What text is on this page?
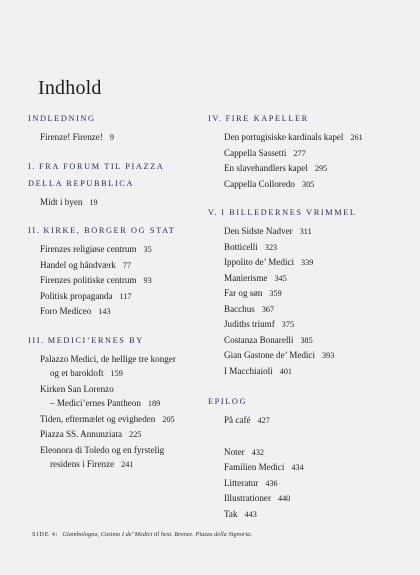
Indhold
INDLEDNING
Firenze! Firenze! 9
I. FRA FORUM TIL PIAZZA
DELLA REPUBBLICA
Midt i byen 19
II. KIRKE, BORGER OG STAT
Firenzes religiøse centrum 35
Handel og håndværk 77
Firenzes politiske centrum 93
Politisk propaganda 117
Foro Mediceo 143
III. MEDICI’ERNES BY
Palazzo Medici, de hellige tre konger
og et barokloft 159
Kirken San Lorenzo
– Medici’ernes Pantheon 189
Tiden, eftermælet og evigheden 205
Piazza SS. Annunziata 225
Eleonora di Toledo og en fyrstelig
residens i Firenze 241
IV. FIRE KAPELLER
Den portugisiske kardinals kapel 261
Cappella Sassetti 277
En slavehandlers kapel 295
Cappella Colloredo 305
V. I BILLEDERNES VRIMMEL
Den Sidste Nadver 311
Botticelli 323
Ippolito de’ Medici 339
Manierisme 345
Far og søn 359
Bacchus 367
Judiths triumf 375
Costanza Bonarelli 385
Gian Gastone de’ Medici 393
I Macchiaioli 401
EPILOG
På café 427
Noter 432
Familien Medici 434
Litteratur 436
Illustrationer 440
Tak 443
SIDE 4: Giambologna, Cosimo I de’ Medici til hest. Bronze. Piazza della Signoria.
